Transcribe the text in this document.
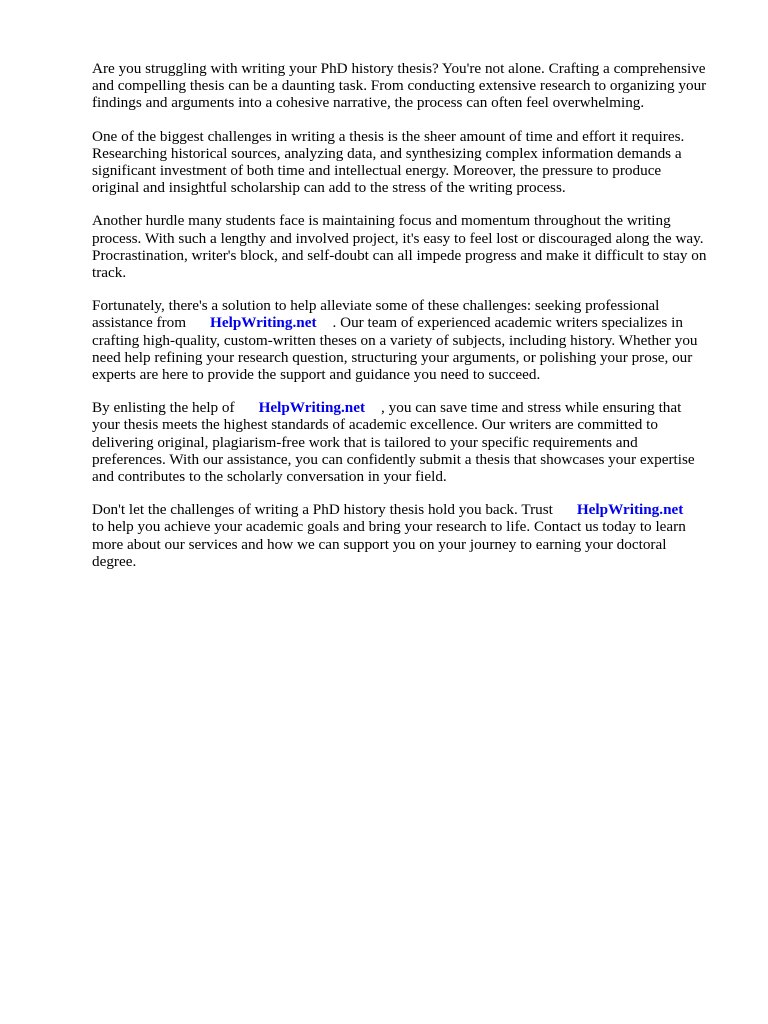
Are you struggling with writing your PhD history thesis? You're not alone. Crafting a comprehensive
and compelling thesis can be a daunting task. From conducting extensive research to organizing your
findings and arguments into a cohesive narrative, the process can often feel overwhelming.

One of the biggest challenges in writing a thesis is the sheer amount of time and effort it requires.
Researching historical sources, analyzing data, and synthesizing complex information demands a
significant investment of both time and intellectual energy. Moreover, the pressure to produce
original and insightful scholarship can add to the stress of the writing process.

Another hurdle many students face is maintaining focus and momentum throughout the writing
process. With such a lengthy and involved project, it's easy to feel lost or discouraged along the way.
Procrastination, writer's block, and self-doubt can all impede progress and make it difficult to stay on
track.

Fortunately, there's a solution to help alleviate some of these challenges: seeking professional
assistance from HelpWriting.net . Our team of experienced academic writers specializes in
crafting high-quality, custom-written theses on a variety of subjects, including history. Whether you
need help refining your research question, structuring your arguments, or polishing your prose, our
experts are here to provide the support and guidance you need to succeed.

By enlisting the help of HelpWriting.net , you can save time and stress while ensuring that
your thesis meets the highest standards of academic excellence. Our writers are committed to
delivering original, plagiarism-free work that is tailored to your specific requirements and
preferences. With our assistance, you can confidently submit a thesis that showcases your expertise
and contributes to the scholarly conversation in your field.

Don't let the challenges of writing a PhD history thesis hold you back. Trust HelpWriting.net
to help you achieve your academic goals and bring your research to life. Contact us today to learn
more about our services and how we can support you on your journey to earning your doctoral
degree.
